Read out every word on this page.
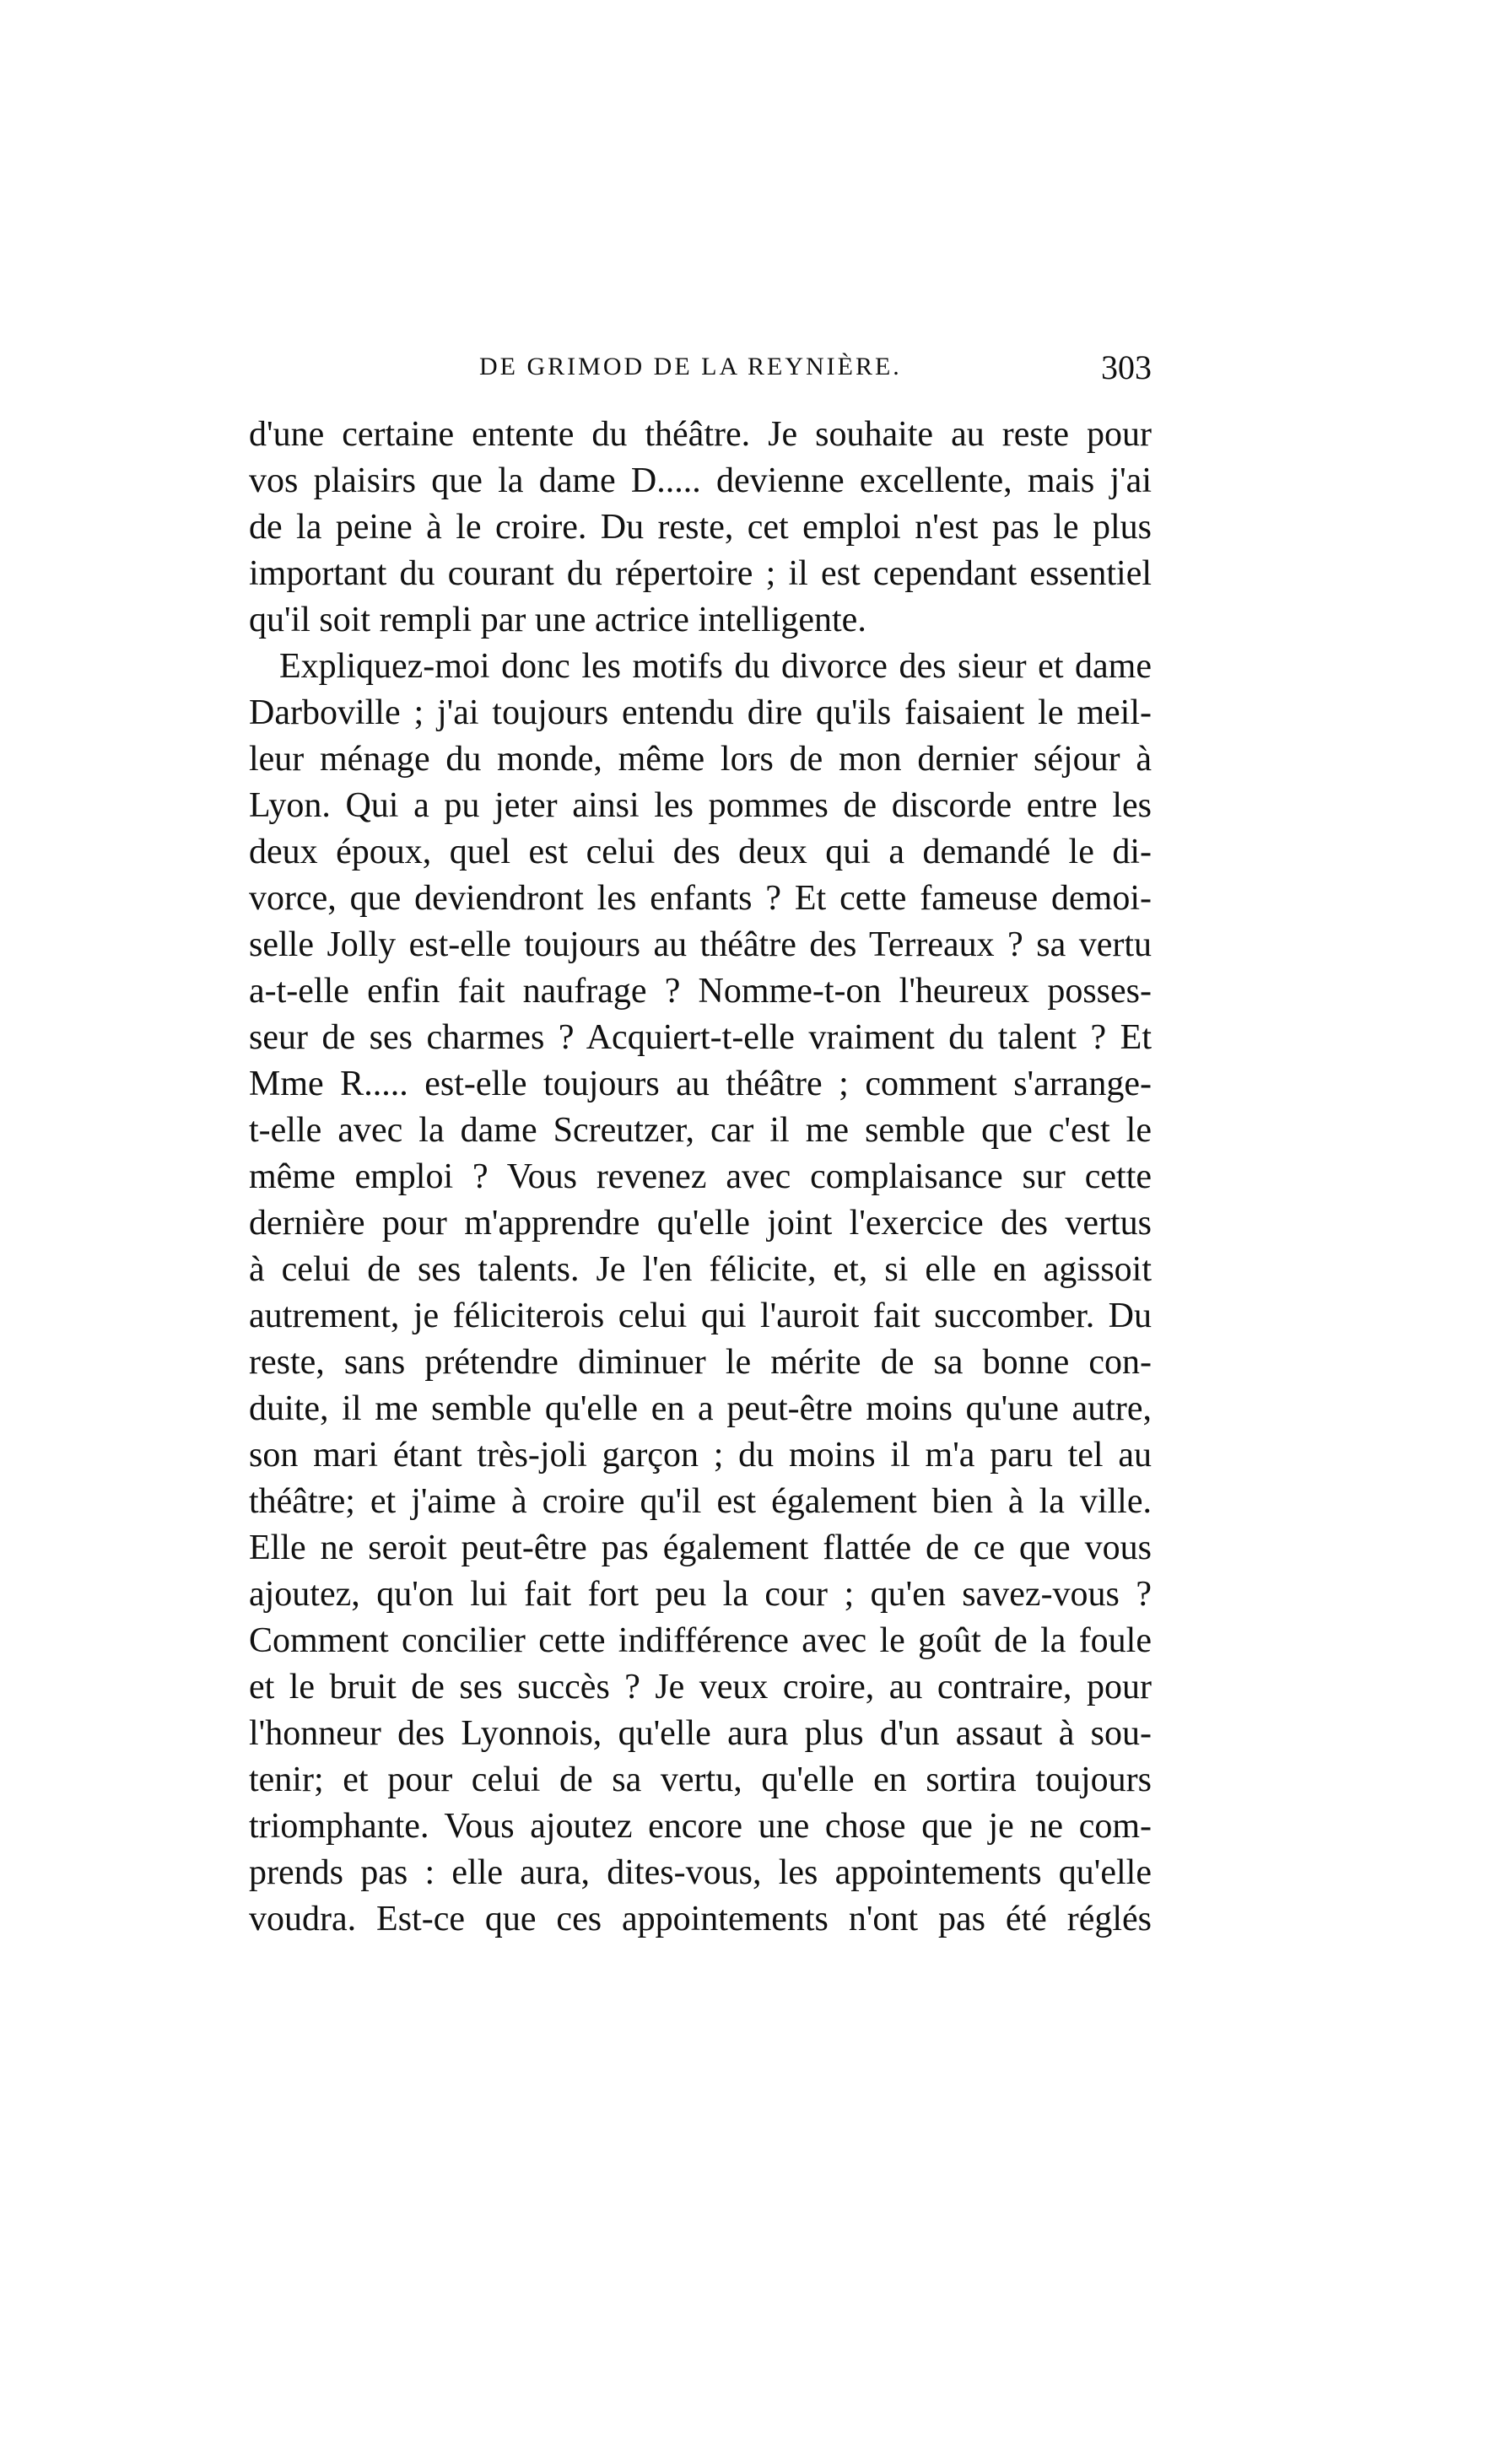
DE GRIMOD DE LA REYNIÈRE.	303
d'une certaine entente du théâtre. Je souhaite au reste pour
vos plaisirs que la dame D..... devienne excellente, mais j'ai
de la peine à le croire. Du reste, cet emploi n'est pas le plus
important du courant du répertoire ; il est cependant essentiel
qu'il soit rempli par une actrice intelligente.
Expliquez-moi donc les motifs du divorce des sieur et dame
Darboville ; j'ai toujours entendu dire qu'ils faisaient le meil-
leur ménage du monde, même lors de mon dernier séjour à
Lyon. Qui a pu jeter ainsi les pommes de discorde entre les
deux époux, quel est celui des deux qui a demandé le di-
vorce, que deviendront les enfants ? Et cette fameuse demoi-
selle Jolly est-elle toujours au théâtre des Terreaux ? sa vertu
a-t-elle enfin fait naufrage ? Nomme-t-on l'heureux posses-
seur de ses charmes ? Acquiert-t-elle vraiment du talent ? Et
Mme R..... est-elle toujours au théâtre ; comment s'arrange-
t-elle avec la dame Screutzer, car il me semble que c'est le
même emploi ? Vous revenez avec complaisance sur cette
dernière pour m'apprendre qu'elle joint l'exercice des vertus
à celui de ses talents. Je l'en félicite, et, si elle en agissoit
autrement, je féliciterois celui qui l'auroit fait succomber. Du
reste, sans prétendre diminuer le mérite de sa bonne con-
duite, il me semble qu'elle en a peut-être moins qu'une autre,
son mari étant très-joli garçon ; du moins il m'a paru tel au
théâtre; et j'aime à croire qu'il est également bien à la ville.
Elle ne seroit peut-être pas également flattée de ce que vous
ajoutez, qu'on lui fait fort peu la cour ; qu'en savez-vous ?
Comment concilier cette indifférence avec le goût de la foule
et le bruit de ses succès ? Je veux croire, au contraire, pour
l'honneur des Lyonnois, qu'elle aura plus d'un assaut à sou-
tenir; et pour celui de sa vertu, qu'elle en sortira toujours
triomphante. Vous ajoutez encore une chose que je ne com-
prends pas : elle aura, dites-vous, les appointements qu'elle
voudra. Est-ce que ces appointements n'ont pas été réglés
